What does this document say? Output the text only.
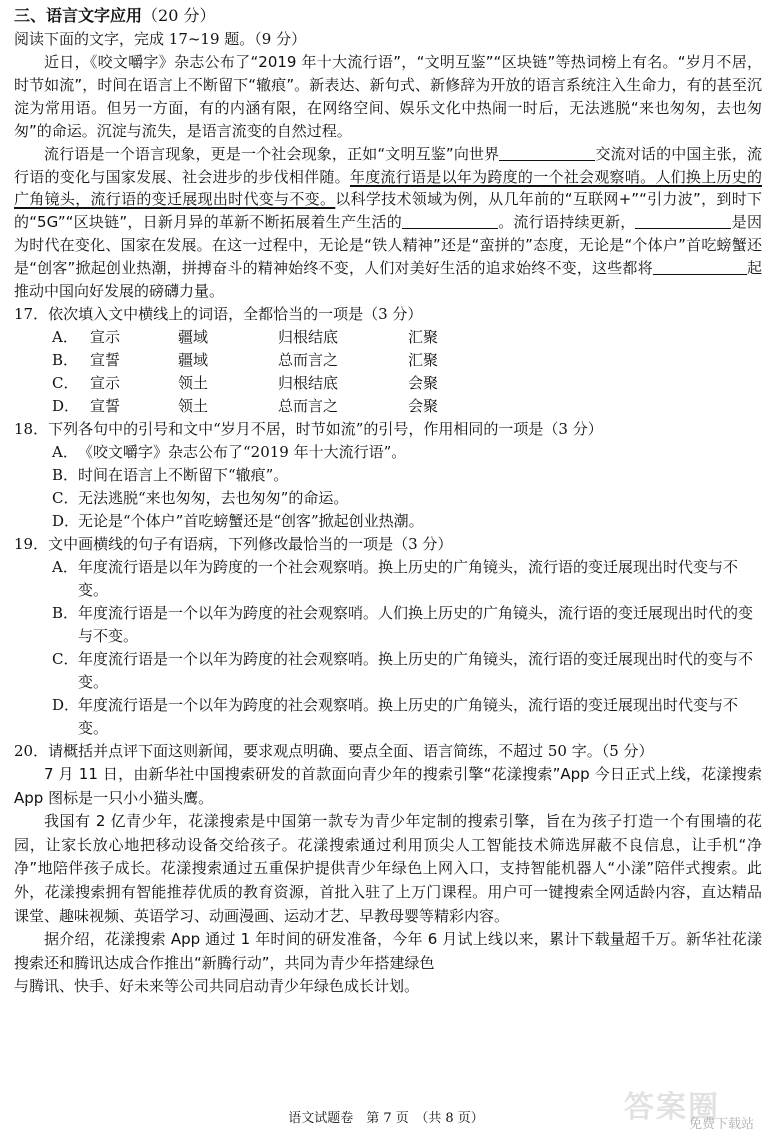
三、语言文字应用（20 分）

阅读下面的文字，完成 17~19 题。（9 分）

近日，《咬文嚼字》杂志公布了“2019 年十大流行语”，“文明互鉴”“区块链”等热词榜上有名。“岁月不居，时节如流”，时间在语言上不断留下“辙痕”。新表达、新句式、新修辞为开放的语言系统注入生命力，有的甚至沉淀为常用语。但另一方面，有的内涵有限，在网络空间、娱乐文化中热闹一时后，无法逃脱“来也匆匆，去也匆匆”的命运。沉淀与流失，是语言流变的自然过程。

流行语是一个语言现象，更是一个社会现象，正如“文明互鉴”向世界	交流对话的中国主张，流行语的变化与国家发展、社会进步的步伐相伴随。年度流行语是以年为跨度的一个社会观察哨。人们换上历史的广角镜头，流行语的变迁展现出时代变与不变。以科学技术领域为例，从几年前的“互联网+”“引力波”，到时下的“5G”“区块链”，日新月异的革新不断拓展着生产生活的	。流行语持续更新，	是因为时代在变化、国家在发展。在这一过程中，无论是“铁人精神”还是“蛮拼的”态度，无论是“个体户”首吃螃蟹还是“创客”掀起创业热潮，拼搏奋斗的精神始终不变，人们对美好生活的追求始终不变，这些都将	起推动中国向好发展的磅礴力量。

17．依次填入文中横线上的词语，全都恰当的一项是（3 分）

A． 宣示	疆域	归根结底	汇聚
B． 宣誓	疆域	总而言之	汇聚
C． 宣示	领土	归根结底	会聚
D． 宣誓	领土	总而言之	会聚

18．下列各句中的引号和文中“岁月不居，时节如流”的引号，作用相同的一项是（3 分）

A． 《咬文嚼字》杂志公布了“2019 年十大流行语”。
B． 时间在语言上不断留下“辙痕”。
C． 无法逃脱“来也匆匆，去也匆匆”的命运。
D．
无论是“个体户”首吃螃蟹还是“创客”掀起创业热潮。

19．文中画横线的句子有语病，下列修改最恰当的一项是（3 分）

A． 年度流行语是以年为跨度的一个社会观察哨。换上历史的广角镜头，流行语的变迁展现出时代变与不变。
B． 年度流行语是一个以年为跨度的社会观察哨。人们换上历史的广角镜头，流行语的变迁展现出时代的变与不变。
C． 年度流行语是一个以年为跨度的社会观察哨。换上历史的广角镜头，流行语的变迁展现出时代的变与不变。
D．
年度流行语是一个以年为跨度的社会观察哨。换上历史的广角镜头，流行语的变迁展现出时代变与不变。

20．请概括并点评下面这则新闻，要求观点明确、要点全面、语言简练，不超过 50 字。（5 分）

7 月 11 日，由新华社中国搜索研发的首款面向青少年的搜索引擎“花漾搜索”App 今日正式上线，花漾搜索 App 图标是一只小小猫头鹰。

我国有 2 亿青少年，花漾搜索是中国第一款专为青少年定制的搜索引擎，旨在为孩子打造一个有围墙的花园，让家长放心地把移动设备交给孩子。花漾搜索通过利用顶尖人工智能技术筛选屏蔽不良信息，让手机“净净”地陪伴孩子成长。花漾搜索通过五重保护提供青少年绿色上网入口，支持智能机器人“小漾”陪伴式搜索。此外，花漾搜索拥有智能推荐优质的教育资源，首批入驻了上万门课程。用户可一键搜索全网适龄内容，直达精品课堂、趣味视频、英语学习、动画漫画、运动才艺、早教母婴等精彩内容。

据介绍，花漾搜索 App 通过 1 年时间的研发准备，今年 6 月试上线以来，累计下载量超千万。新华社花漾搜索还和腾讯达成合作推出“新腾行动”，共同为青少年搭建绿色

与腾讯、快手、好未来等公司共同启动青少年绿色成长计划。

答案圈
免费下载站
语文试题卷　第 7 页　（共 8 页）
